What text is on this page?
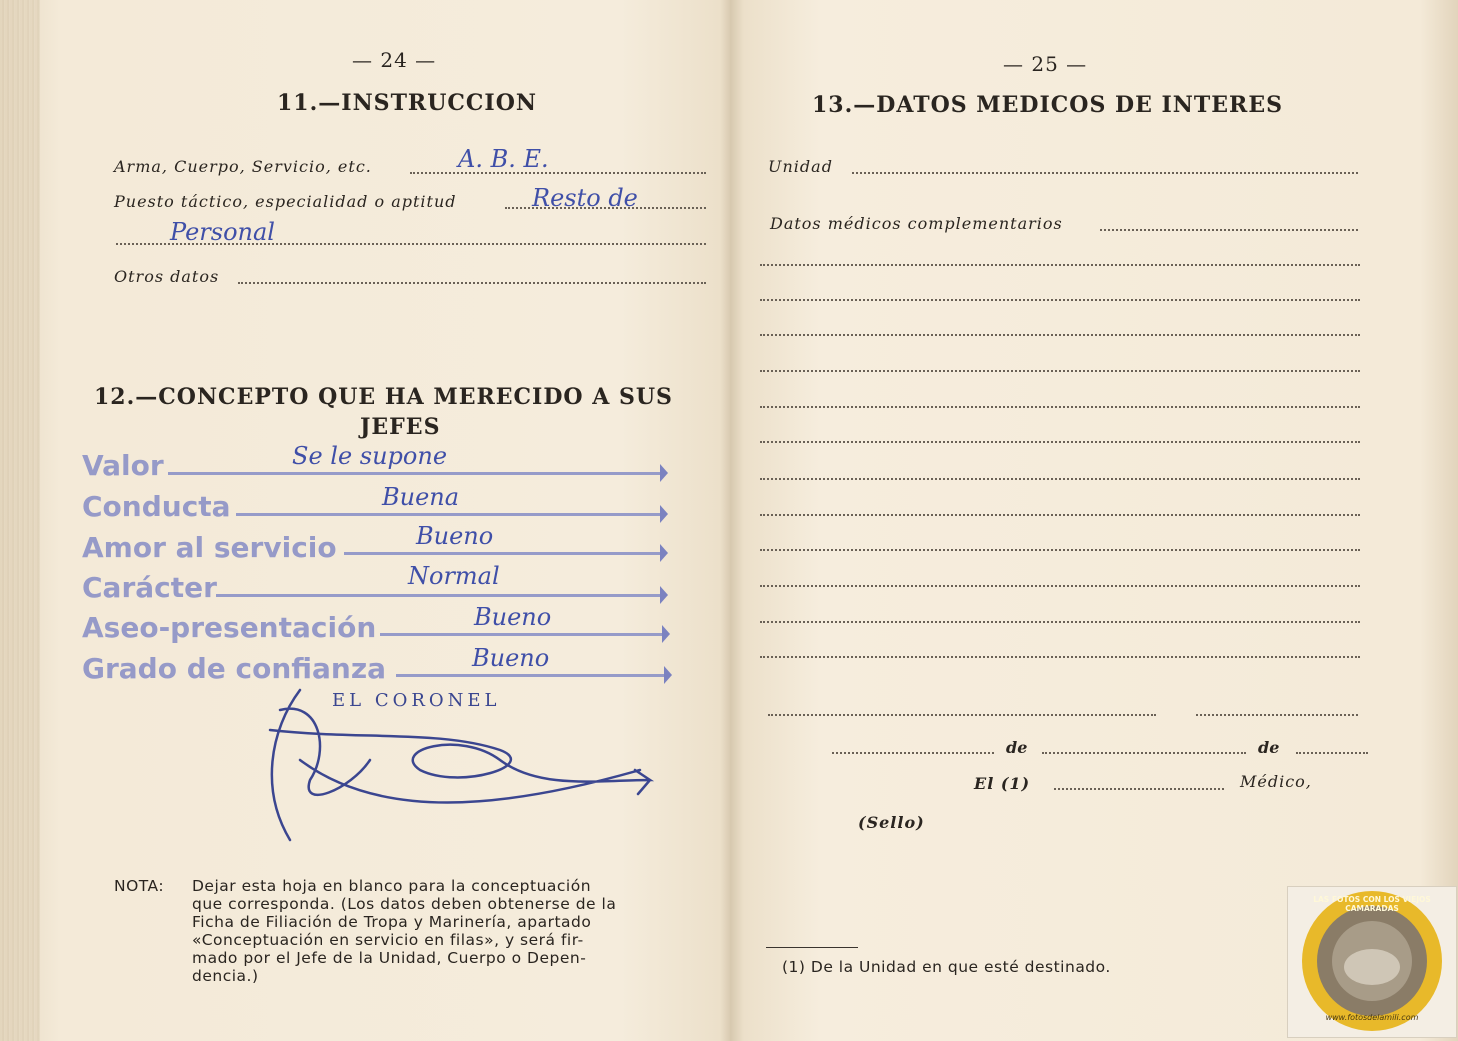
— 24 —
11.—INSTRUCCION
Arma, Cuerpo, Servicio, etc.	A. B. E.
Puesto táctico, especialidad o aptitud	Resto de
Personal
Otros datos
12.—CONCEPTO QUE HA MERECIDO A SUS
JEFES
Valor	Se le supone
Conducta	Buena
Amor al servicio	Bueno
Carácter	Normal
Aseo-presentación	Bueno
Grado de confianza	Bueno
EL CORONEL
NOTA: Dejar esta hoja en blanco para la conceptuación
que corresponda. (Los datos deben obtenerse de la
Ficha de Filiación de Tropa y Marinería, apartado
«Conceptuación en servicio en filas», y será fir-
mado por el Jefe de la Unidad, Cuerpo o Depen-
dencia.)
— 25 —
13.—DATOS MEDICOS DE INTERES
Unidad
Datos médicos complementarios
de	de
El (1)	Médico,
(Sello)
(1) De la Unidad en que esté destinado.
LAS FOTOS CON LOS VIEJOS CAMARADAS
www.fotosdelamili.com
